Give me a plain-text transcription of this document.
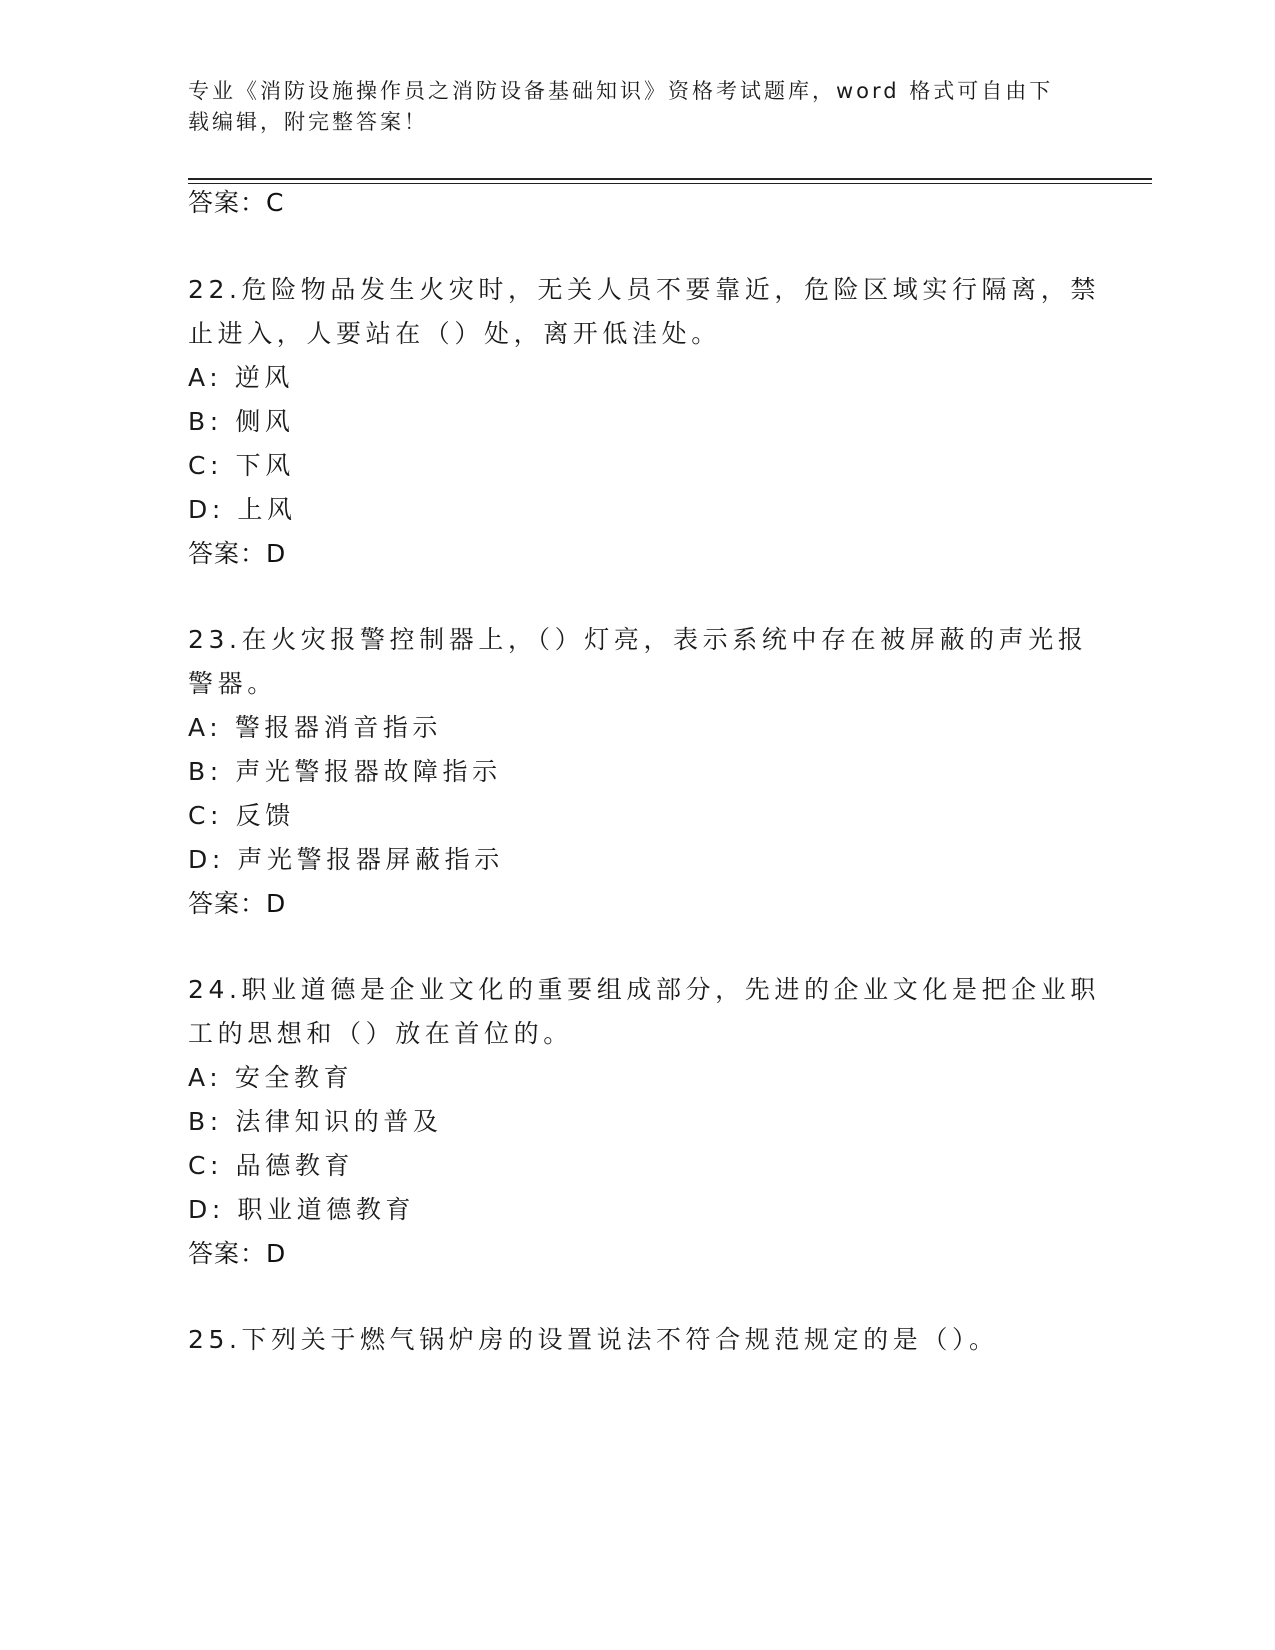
专业《消防设施操作员之消防设备基础知识》资格考试题库，word 格式可自由下载编辑，附完整答案！
答案：C
22.危险物品发生火灾时，无关人员不要靠近，危险区域实行隔离，禁
止进入，人要站在（）处，离开低洼处。
A: 逆风
B: 侧风
C: 下风
D: 上风
答案：D
23.在火灾报警控制器上，（）灯亮，表示系统中存在被屏蔽的声光报
警器。
A: 警报器消音指示
B: 声光警报器故障指示
C: 反馈
D: 声光警报器屏蔽指示
答案：D
24.职业道德是企业文化的重要组成部分，先进的企业文化是把企业职
工的思想和（）放在首位的。
A: 安全教育
B: 法律知识的普及
C: 品德教育
D: 职业道德教育
答案：D
25.下列关于燃气锅炉房的设置说法不符合规范规定的是（）。
